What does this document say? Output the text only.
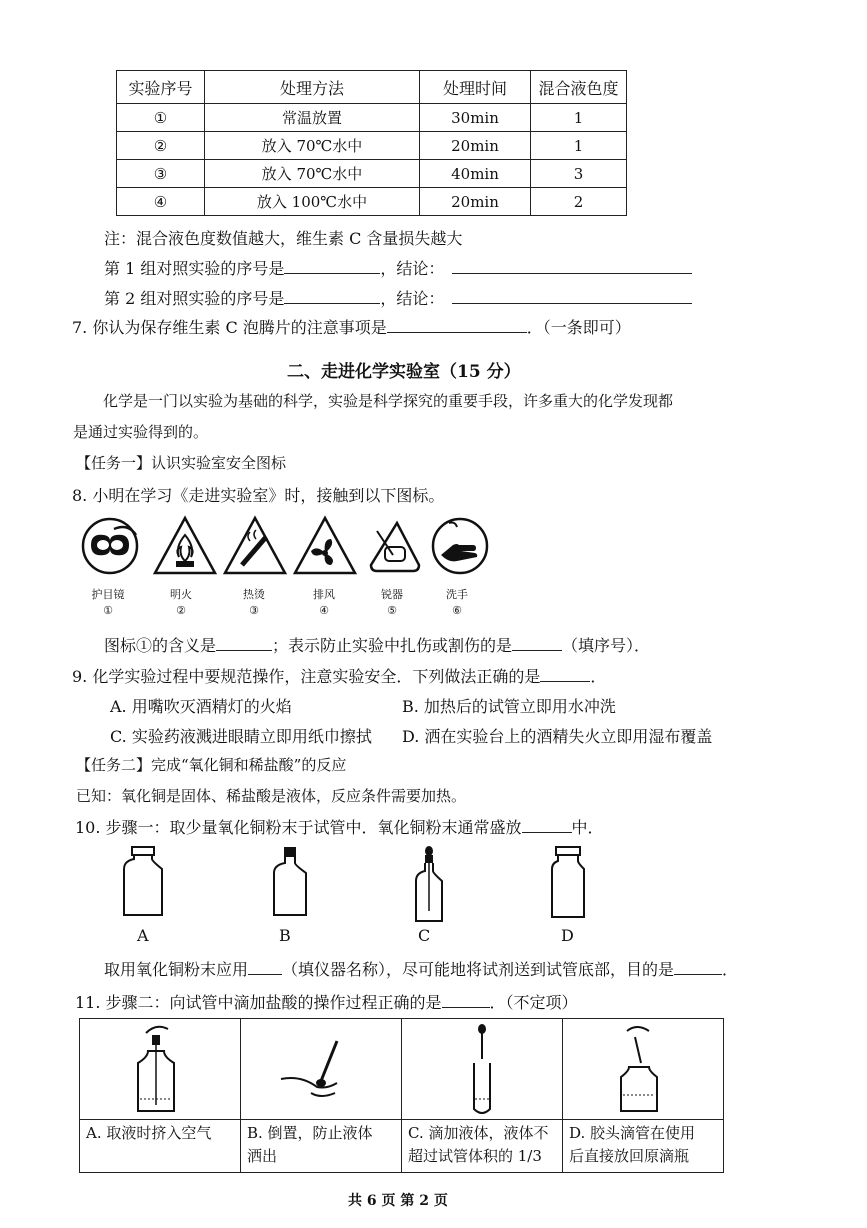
实验序号	处理方法	处理时间	混合液色度
①	常温放置	30min	1
②	放入 70℃水中	20min	1
③	放入 70℃水中	40min	3
④	放入 100℃水中	20min	2
注：混合液色度数值越大，维生素 C 含量损失越大
第 1 组对照实验的序号是	，结论：
第 2 组对照实验的序号是	，结论：
7. 你认为保存维生素 C 泡腾片的注意事项是	．（一条即可）
二、走进化学实验室（15 分）
化学是一门以实验为基础的科学，实验是科学探究的重要手段，许多重大的化学发现都
是通过实验得到的。
【任务一】认识实验室安全图标
8. 小明在学习《走进实验室》时，接触到以下图标。
护目镜	明火	热烫	排风	锐器	洗手
①	②	③	④	⑤	⑥
图标①的含义是	；表示防止实验中扎伤或割伤的是	（填序号）．
9. 化学实验过程中要规范操作，注意实验安全．下列做法正确的是	．
A. 用嘴吹灭酒精灯的火焰	B. 加热后的试管立即用水冲洗
C. 实验药液溅进眼睛立即用纸巾擦拭 D. 洒在实验台上的酒精失火立即用湿布覆盖
【任务二】完成“氧化铜和稀盐酸”的反应
已知：氧化铜是固体、稀盐酸是液体，反应条件需要加热。
10. 步骤一：取少量氧化铜粉末于试管中．氧化铜粉末通常盛放	中．
A	B	C	D
取用氧化铜粉末应用 （填仪器名称），尽可能地将试剂送到试管底部，目的是	．
11. 步骤二：向试管中滴加盐酸的操作过程正确的是	．（不定项）
A. 取液时挤入空气	B. 倒置，防止液体
洒出

C. 滴加液体，液体不
超过试管体积的 1/3

D. 胶头滴管在使用
后直接放回原滴瓶
共 6 页 第 2 页
